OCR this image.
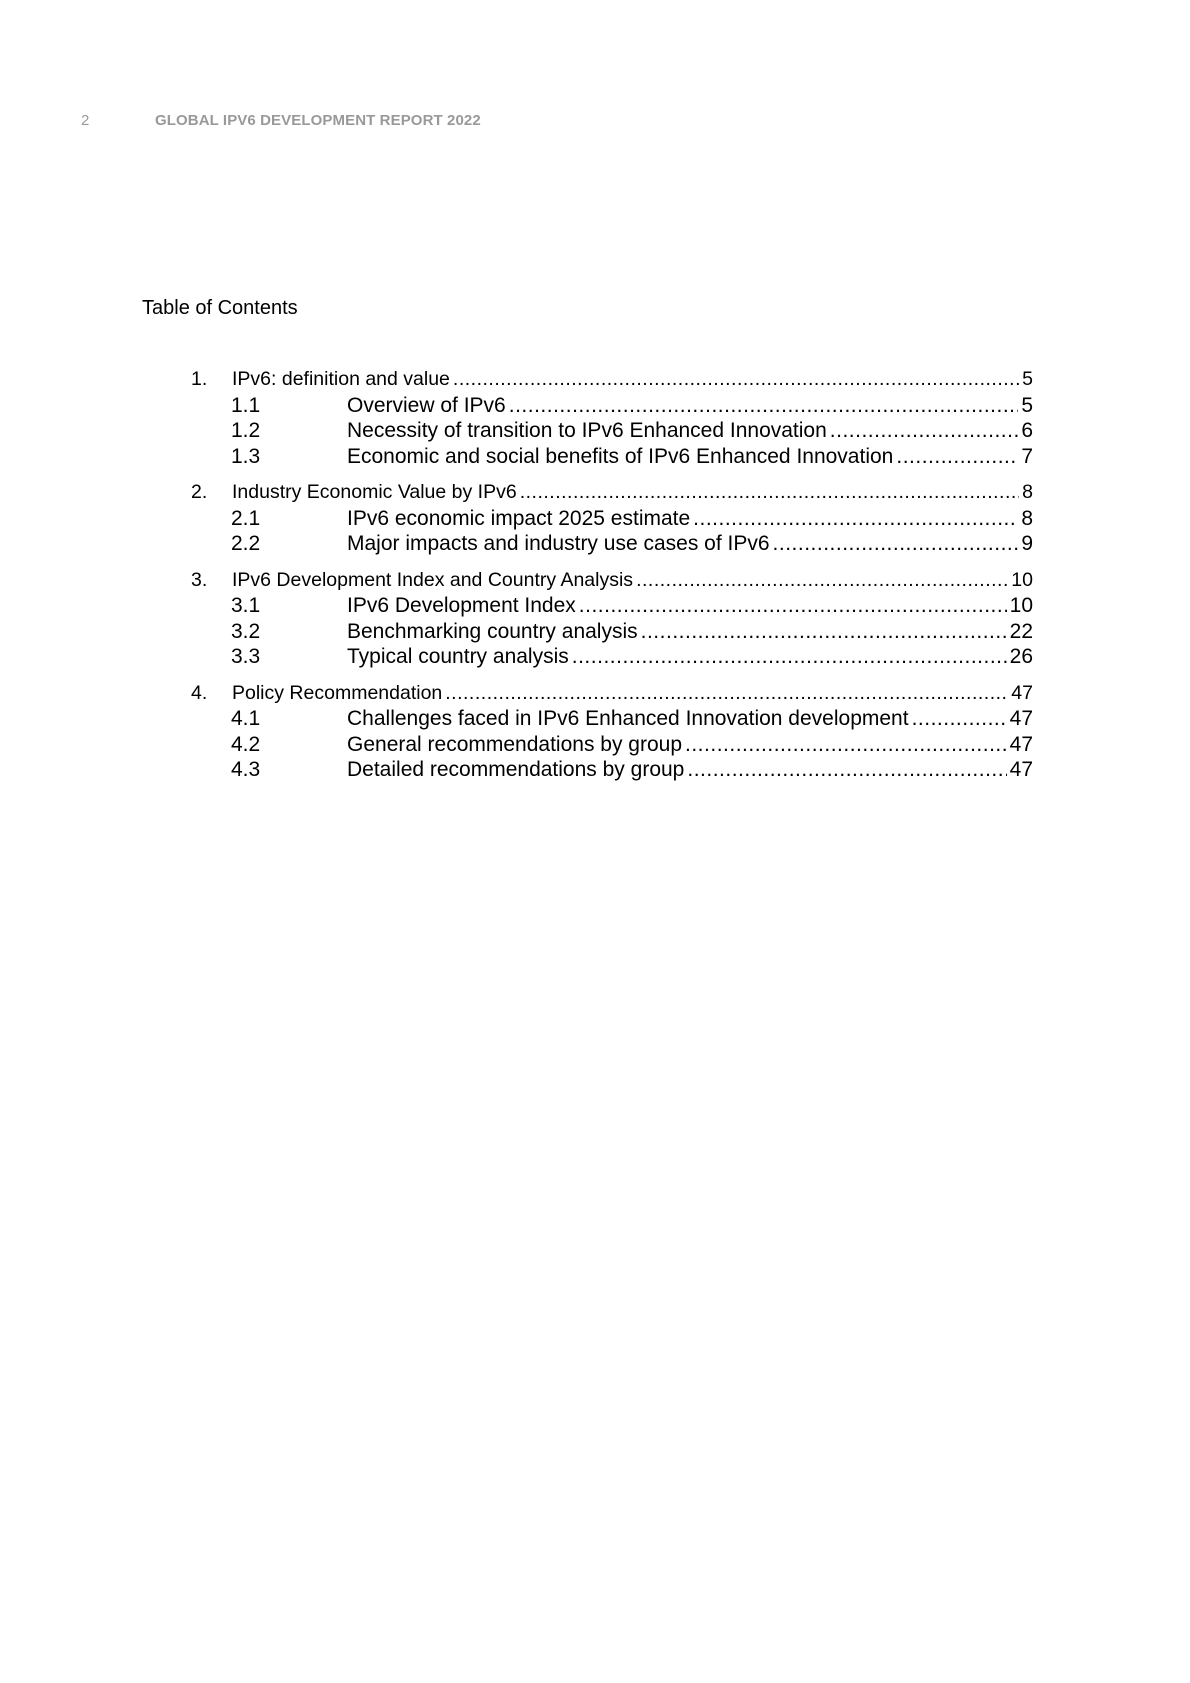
2	GLOBAL IPV6 DEVELOPMENT REPORT 2022
Table of Contents
1.	IPv6: definition and value .....	5
1.1	Overview of IPv6 .....	5
1.2	Necessity of transition to IPv6 Enhanced Innovation .....	6
1.3	Economic and social benefits of IPv6 Enhanced Innovation .....	7
2.	Industry Economic Value by IPv6 .....	8
2.1	IPv6 economic impact 2025 estimate .....	8
2.2	Major impacts and industry use cases of IPv6 .....	9
3.	IPv6 Development Index and Country Analysis .....	10
3.1	IPv6 Development Index .....	10
3.2	Benchmarking country analysis .....	22
3.3	Typical country analysis .....	26
4.	Policy Recommendation .....	47
4.1	Challenges faced in IPv6 Enhanced Innovation development .....	47
4.2	General recommendations by group .....	47
4.3	Detailed recommendations by group .....	47
